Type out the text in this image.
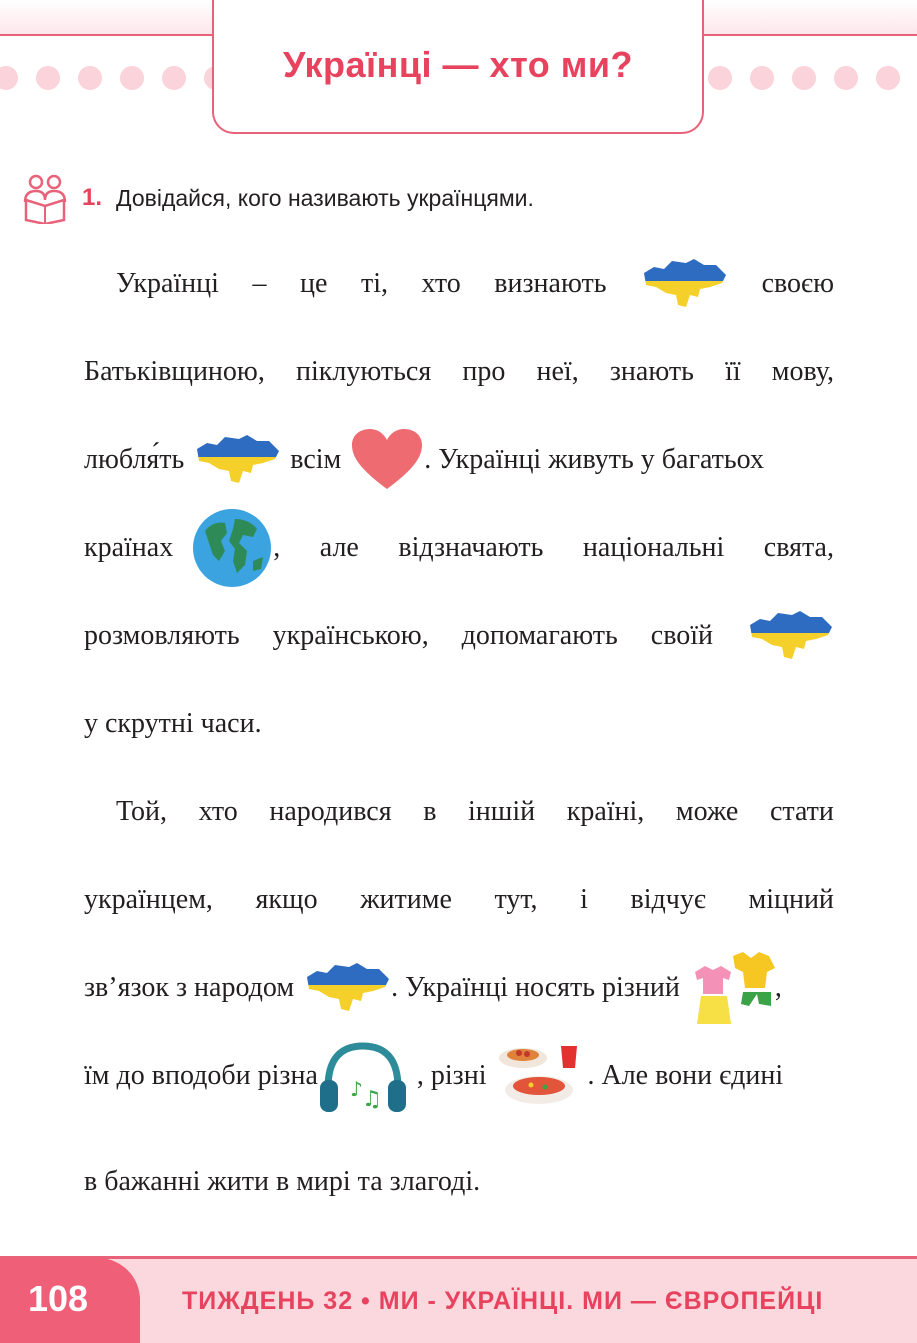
Українці — хто ми?
1. Довідайся, кого називають українцями.
Українці – це ті, хто визнають	своєю
Батьківщиною, піклуються про неї, знають її мову,
любля́ть	всім	. Українці живуть у багатьох
країнах	, але відзначають національні свята,
розмовляють українською, допомагають своїй
у скрутні часи.
Той, хто народився в іншій країні, може стати
українцем, якщо житиме тут, і відчує міцний
зв’язок з народом	. Українці носять різний	,
їм до вподоби різна ♪ ♫
, різні	. Але вони єдині
в бажанні жити в мирі та злагоді.
108	ТИЖДЕНЬ 32 • МИ - УКРАЇНЦІ. МИ — ЄВРОПЕЙЦІ
